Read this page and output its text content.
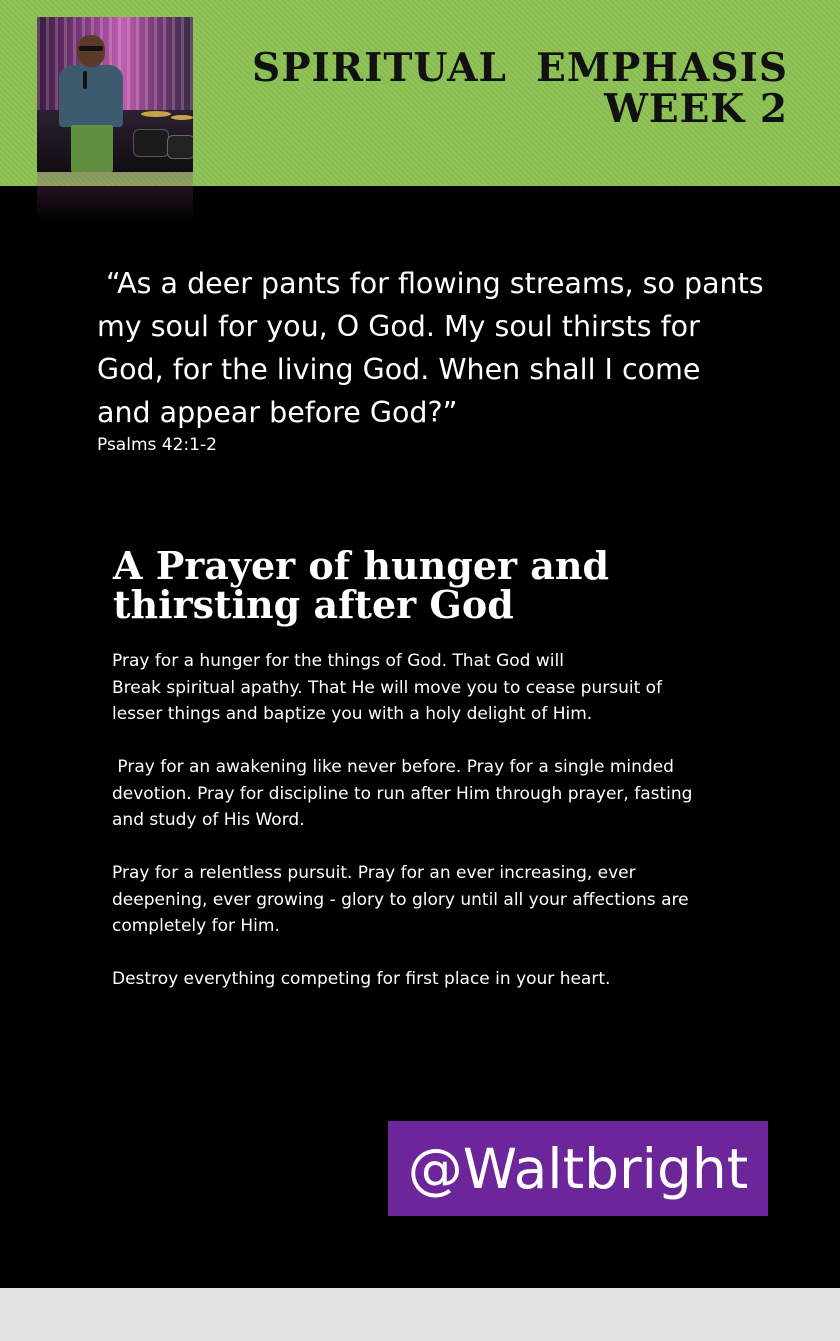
SPIRITUAL  EMPHASIS
WEEK 2

“As a deer pants for flowing streams, so pants
my soul for you, O God. My soul thirsts for
God, for the living God. When shall I come
and appear before God?”

Psalms 42:1-2
A Prayer of hunger and
thirsting after God

Pray for a hunger for the things of God. That God will
Break spiritual apathy. That He will move you to cease pursuit of
lesser things and baptize you with a holy delight of Him.

Pray for an awakening like never before. Pray for a single minded
devotion. Pray for discipline to run after Him through prayer, fasting
and study of His Word.

Pray for a relentless pursuit. Pray for an ever increasing, ever
deepening, ever growing - glory to glory until all your affections are
completely for Him.

Destroy everything competing for first place in your heart.

@Waltbright
